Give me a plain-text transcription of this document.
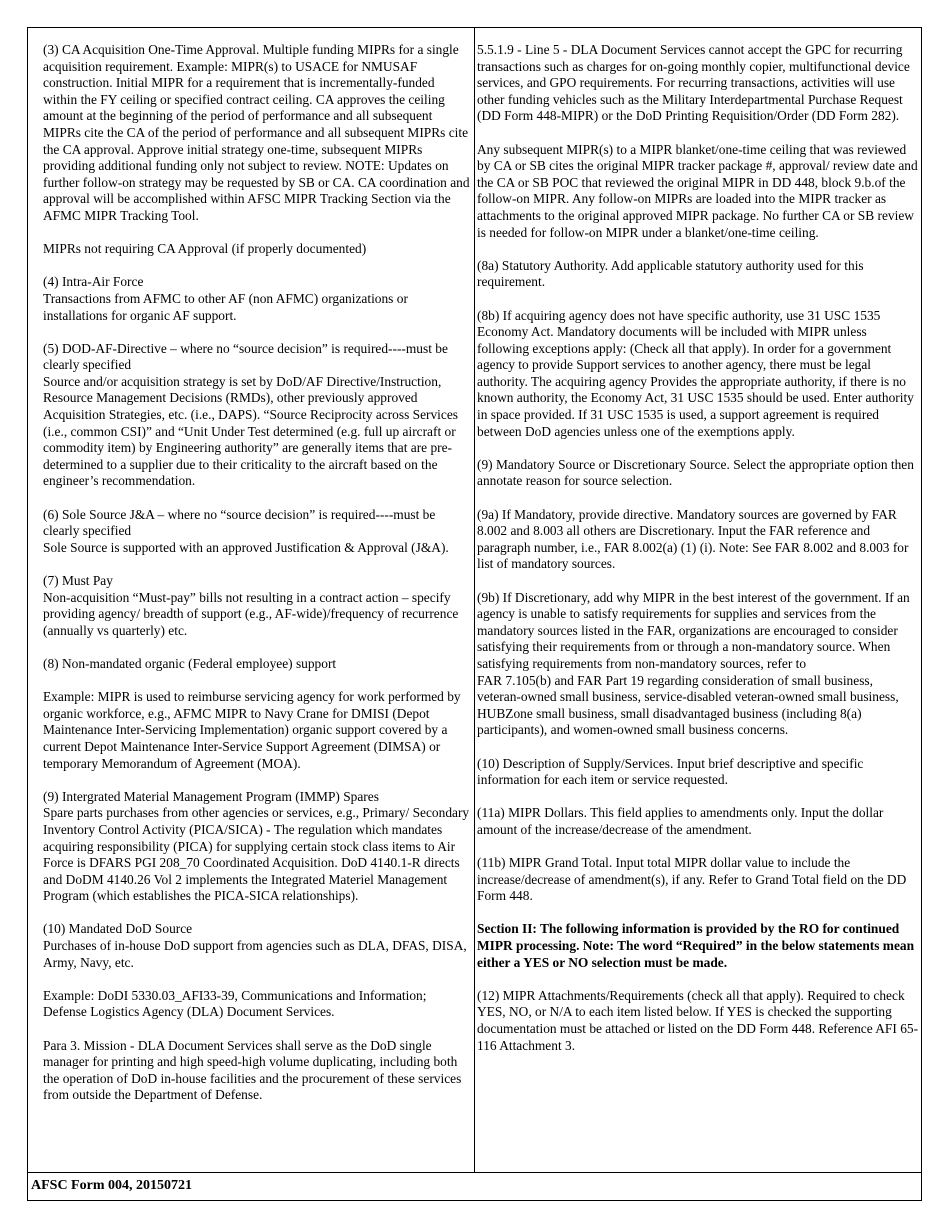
(3) CA Acquisition One-Time Approval. Multiple funding MIPRs for a single acquisition requirement. Example: MIPR(s) to USACE for NMUSAF construction. Initial MIPR for a requirement that is incrementally-funded within the FY ceiling or specified contract ceiling. CA approves the ceiling amount at the beginning of the period of performance and all subsequent MIPRs cite the CA of the period of performance and all subsequent MIPRs cite the CA approval. Approve initial strategy one-time, subsequent MIPRs providing additional funding only not subject to review. NOTE: Updates on further follow-on strategy may be requested by SB or CA. CA coordination and approval will be accomplished within AFSC MIPR Tracking Section via the AFMC MIPR Tracking Tool.

MIPRs not requiring CA Approval (if properly documented)

(4) Intra-Air Force
Transactions from AFMC to other AF (non AFMC) organizations or installations for organic AF support.

(5) DOD-AF-Directive – where no “source decision” is required----must be clearly specified
Source and/or acquisition strategy is set by DoD/AF Directive/Instruction, Resource Management Decisions (RMDs), other previously approved Acquisition Strategies, etc. (i.e., DAPS). “Source Reciprocity across Services (i.e., common CSI)” and “Unit Under Test determined (e.g. full up aircraft or commodity item) by Engineering authority” are generally items that are pre-determined to a supplier due to their criticality to the aircraft based on the engineer’s recommendation.

(6) Sole Source J&A – where no “source decision” is required----must be clearly specified
Sole Source is supported with an approved Justification & Approval (J&A).

(7) Must Pay
Non-acquisition “Must-pay” bills not resulting in a contract action – specify providing agency/ breadth of support (e.g., AF-wide)/frequency of recurrence (annually vs quarterly) etc.

(8) Non-mandated organic (Federal employee) support

Example: MIPR is used to reimburse servicing agency for work performed by organic workforce, e.g., AFMC MIPR to Navy Crane for DMISI (Depot Maintenance Inter-Servicing Implementation) organic support covered by a current Depot Maintenance Inter-Service Support Agreement (DIMSA) or temporary Memorandum of Agreement (MOA).

(9) Intergrated Material Management Program (IMMP) Spares
Spare parts purchases from other agencies or services, e.g., Primary/ Secondary Inventory Control Activity (PICA/SICA) - The regulation which mandates acquiring responsibility (PICA) for supplying certain stock class items to Air Force is DFARS PGI 208_70 Coordinated Acquisition. DoD 4140.1-R directs and DoDM 4140.26 Vol 2 implements the Integrated Materiel Management Program (which establishes the PICA-SICA relationships).

(10) Mandated DoD Source
Purchases of in-house DoD support from agencies such as DLA, DFAS, DISA, Army, Navy, etc.

Example: DoDI 5330.03_AFI33-39, Communications and Information; Defense Logistics Agency (DLA) Document Services.

Para 3. Mission - DLA Document Services shall serve as the DoD single manager for printing and high speed-high volume duplicating, including both the operation of DoD in-house facilities and the procurement of these services from outside the Department of Defense.

5.5.1.9 - Line 5 - DLA Document Services cannot accept the GPC for recurring transactions such as charges for on-going monthly copier, multifunctional device services, and GPO requirements. For recurring transactions, activities will use other funding vehicles such as the Military Interdepartmental Purchase Request (DD Form 448-MIPR) or the DoD Printing Requisition/Order (DD Form 282).

Any subsequent MIPR(s) to a MIPR blanket/one-time ceiling that was reviewed by CA or SB cites the original MIPR tracker package #, approval/ review date and the CA or SB POC that reviewed the original MIPR in DD 448, block 9.b.of the follow-on MIPR. Any follow-on MIPRs are loaded into the MIPR tracker as attachments to the original approved MIPR package. No further CA or SB review is needed for follow-on MIPR under a blanket/one-time ceiling.

(8a) Statutory Authority. Add applicable statutory authority used for this requirement.

(8b) If acquiring agency does not have specific authority, use 31 USC 1535 Economy Act. Mandatory documents will be included with MIPR unless following exceptions apply: (Check all that apply). In order for a government agency to provide Support services to another agency, there must be legal authority. The acquiring agency Provides the appropriate authority, if there is no known authority, the Economy Act, 31 USC 1535 should be used. Enter authority in space provided. If 31 USC 1535 is used, a support agreement is required between DoD agencies unless one of the exemptions apply.

(9) Mandatory Source or Discretionary Source. Select the appropriate option then annotate reason for source selection.

(9a) If Mandatory, provide directive. Mandatory sources are governed by FAR 8.002 and 8.003 all others are Discretionary. Input the FAR reference and paragraph number, i.e., FAR 8.002(a) (1) (i). Note: See FAR 8.002 and 8.003 for list of mandatory sources.

(9b) If Discretionary, add why MIPR in the best interest of the government. If an agency is unable to satisfy requirements for supplies and services from the mandatory sources listed in the FAR, organizations are encouraged to consider satisfying their requirements from or through a non-mandatory source. When satisfying requirements from non-mandatory sources, refer to
FAR 7.105(b) and FAR Part 19 regarding consideration of small business, veteran-owned small business, service-disabled veteran-owned small business, HUBZone small business, small disadvantaged business (including 8(a) participants), and women-owned small business concerns.

(10) Description of Supply/Services. Input brief descriptive and specific information for each item or service requested.

(11a) MIPR Dollars. This field applies to amendments only. Input the dollar amount of the increase/decrease of the amendment.

(11b) MIPR Grand Total. Input total MIPR dollar value to include the increase/decrease of amendment(s), if any. Refer to Grand Total field on the DD Form 448.

Section II: The following information is provided by the RO for continued MIPR processing. Note: The word “Required” in the below statements mean either a YES or NO selection must be made.

(12) MIPR Attachments/Requirements (check all that apply). Required to check YES, NO, or N/A to each item listed below. If YES is checked the supporting documentation must be attached or listed on the DD Form 448. Reference AFI 65-116 Attachment 3.

AFSC Form 004, 20150721
